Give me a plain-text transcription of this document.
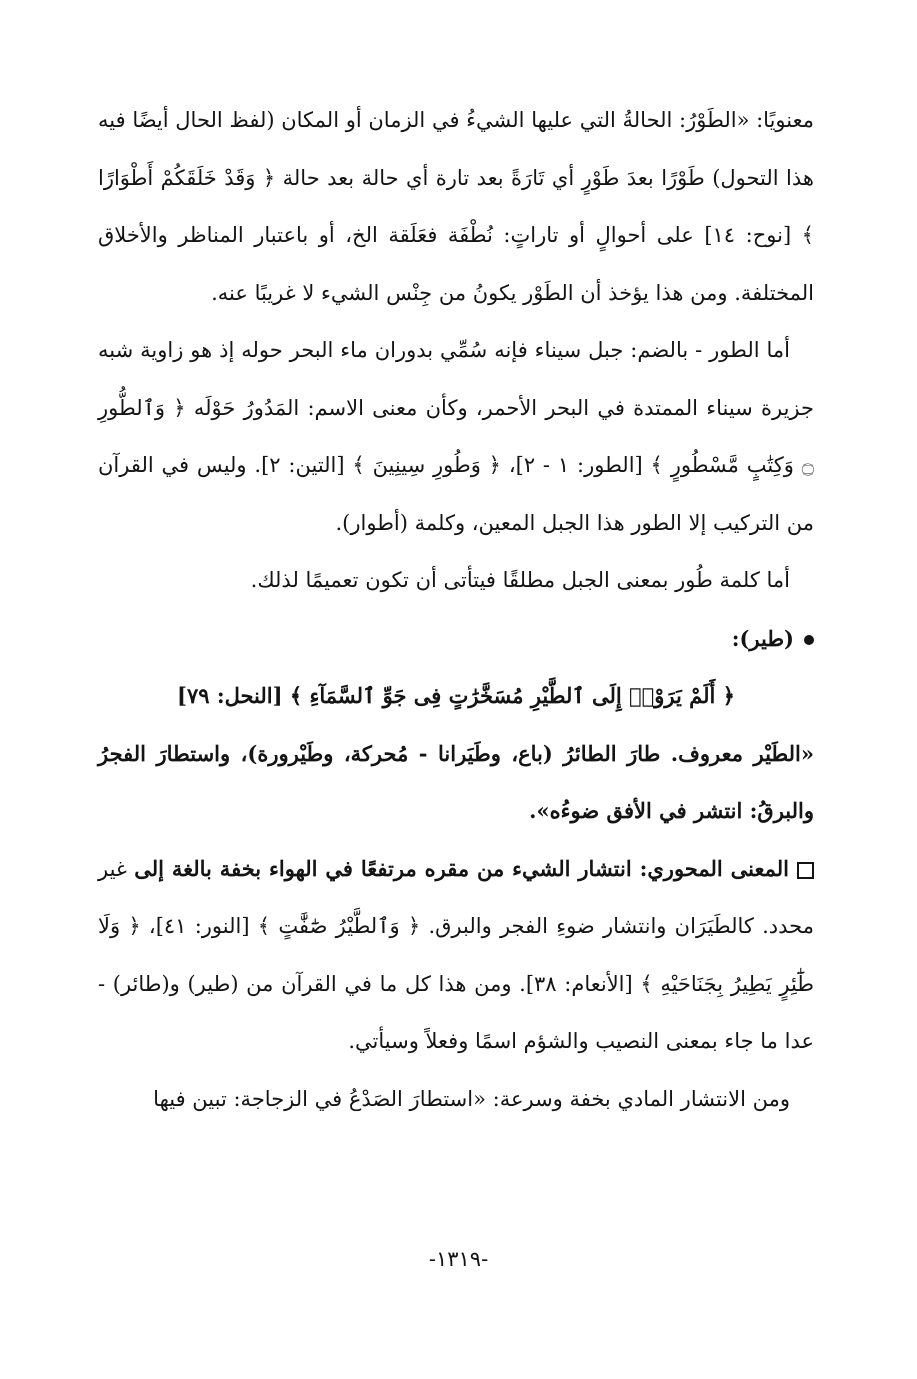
معنويًا: «الطَوْرُ: الحالةُ التي عليها الشيءُ في الزمان أو المكان (لفظ الحال أيضًا فيه هذا التحول) طَوْرًا بعدَ طَوْرٍ أي تَارَةً بعد تارة أي حالة بعد حالة ﴿ وَقَدْ خَلَقَكُمْ أَطْوَارًا ﴾ [نوح: ١٤] على أحوالٍ أو تاراتٍ: نُطْفَة فعَلَقة الخ، أو باعتبار المناظر والأخلاق المختلفة. ومن هذا يؤخذ أن الطَوْر يكونُ من جِنْس الشيء لا غريبًا عنه.

أما الطور - بالضم: جبل سيناء فإنه سُمِّي بدوران ماء البحر حوله إذ هو زاوية شبه جزيرة سيناء الممتدة في البحر الأحمر، وكأن معنى الاسم: المَدُورُ حَوْلَه ﴿ وَٱلطُّورِ ۝ وَكِتَٰبٍ مَّسْطُورٍ ﴾ [الطور: ١ - ٢]، ﴿ وَطُورِ سِينِينَ ﴾ [التين: ٢]. وليس في القرآن من التركيب إلا الطور هذا الجبل المعين، وكلمة (أطوار).

أما كلمة طُور بمعنى الجبل مطلقًا فيتأتى أن تكون تعميمًا لذلك.

(طير):

﴿ أَلَمْ يَرَوْا۟ إِلَى ٱلطَّيْرِ مُسَخَّرَٰتٍ فِى جَوِّ ٱلسَّمَآءِ ﴾ [النحل: ٧٩]

«الطَيْر معروف. طارَ الطائرُ (باع، وطَيَرانا - مُحركة، وطَيْرورة)، واستطارَ الفجرُ والبرقُ: انتشر في الأفق ضوءُه».

المعنى المحوري: انتشار الشيء من مقره مرتفعًا في الهواء بخفة بالغة إلى غير محدد. كالطَيَرَان وانتشار ضوءِ الفجر والبرق. ﴿ وَٱلطَّيْرُ صَٰٓفَّٰتٍ ﴾ [النور: ٤١]، ﴿ وَلَا طَٰٓئِرٍ يَطِيرُ بِجَنَاحَيْهِ ﴾ [الأنعام: ٣٨]. ومن هذا كل ما في القرآن من (طير) و(طائر) - عدا ما جاء بمعنى النصيب والشؤم اسمًا وفعلاً وسيأتي.

ومن الانتشار المادي بخفة وسرعة: «استطارَ الصَدْعُ في الزجاجة: تبين فيها

-١٣١٩-
